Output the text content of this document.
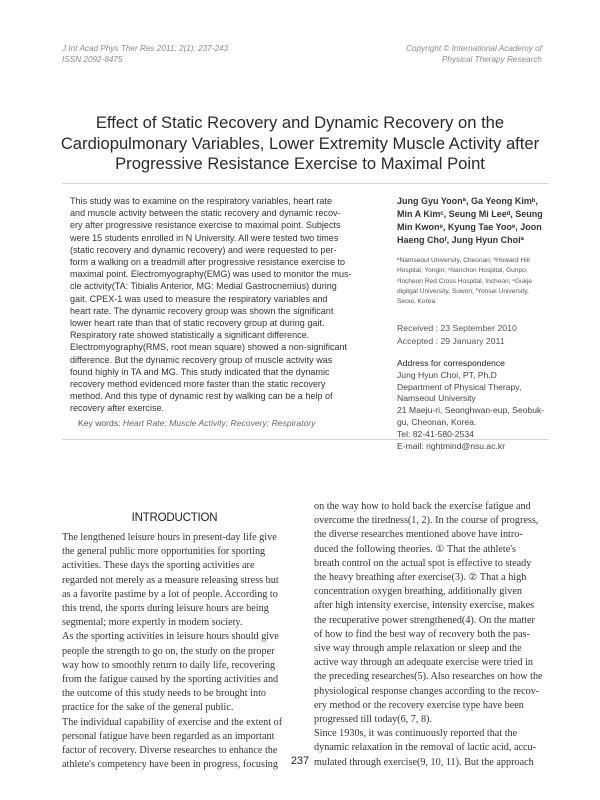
J Int Acad Phys Ther Res 2011; 2(1): 237-243
ISSN 2092-8475
Copyright © International Academy of
Physical Therapy Research
Effect of Static Recovery and Dynamic Recovery on the
Cardiopulmonary Variables, Lower Extremity Muscle Activity after
Progressive Resistance Exercise to Maximal Point
This study was to examine on the respiratory variables, heart rate
and muscle activity between the static recovery and dynamic recov-
ery after progressive resistance exercise to maximal point. Subjects
were 15 students enrolled in N University. All were tested two times
(static recovery and dynamic recovery) and were requested to per-
form a walking on a treadmill after progressive resistance exercise to
maximal point. Electromyography(EMG) was used to monitor the mus-
cle activity(TA: Tibialis Anterior, MG: Medial Gastrocnemius) during
gait. CPEX-1 was used to measure the respiratory variables and
heart rate. The dynamic recovery group was shown the significant
lower heart rate than that of static recovery group at during gait.
Respiratory rate showed statistically a significant difference.
Electromyography(RMS, root mean square) showed a non-significant
difference. But the dynamic recovery group of muscle activity was
found highly in TA and MG. This study indicated that the dynamic
recovery method evidenced more faster than the static recovery
method. And this type of dynamic rest by walking can be a help of
recovery after exercise.
Jung Gyu Yoonª, Ga Yeong Kimᵇ,
Min A Kimᶜ, Seung Mi Leeᵈ, Seung
Min Kwonᵉ, Kyung Tae Yooᵉ, Joon
Haeng Choᶠ, Jung Hyun Choiª
ªNamseoul University, Cheonan; ᵇHoward Hill
Hospital, Yongin; ᶜNanchon Hospital, Gunpo;
ᵈIncheon Red Cross Hospital, Incheon; ᵉGukje
digitgal University, Suwon; ᶠYonsei University,
Seoul, Korea
Received : 23 September 2010
Accepted : 29 January 2011
Address for correspondence
Jung Hyun Choi, PT, Ph.D
Department of Physical Therapy,
Namseoul University
21 Maeju-ri, Seonghwan-eup, Seobuk-
gu, Cheonan, Korea.
Tel: 82-41-580-2534
E-mail: rightmind@nsu.ac.kr
Key words: Heart Rate; Muscle Activity; Recovery; Respiratory
INTRODUCTION
The lengthened leisure hours in present-day life give
the general public more opportunities for sporting
activities. These days the sporting activities are
regarded not merely as a measure releasing stress but
as a favorite pastime by a lot of people. According to
this trend, the sports during leisure hours are being
segmental; more expertly in modem society.
As the sporting activities in leisure hours should give
people the strength to go on, the study on the proper
way how to smoothly return to daily life, recovering
from the fatigue caused by the sporting activities and
the outcome of this study needs to be brought into
practice for the sake of the general public.
The individual capability of exercise and the extent of
personal fatigue have been regarded as an important
factor of recovery. Diverse researches to enhance the
athlete's competency have been in progress, focusing
on the way how to hold back the exercise fatigue and
overcome the tiredness(1, 2). In the course of progress,
the diverse researches mentioned above have intro-
duced the following theories. ① That the athlete's
breath control on the actual spot is effective to steady
the heavy breathing after exercise(3). ② That a high
concentration oxygen breathing, additionally given
after high intensity exercise, intensity exercise, makes
the recuperative power strengthened(4). On the matter
of how to find the best way of recovery both the pas-
sive way through ample relaxation or sleep and the
active way through an adequate exercise were tried in
the preceding researches(5). Also researches on how the
physiological response changes according to the recov-
ery method or the recovery exercise type have been
progressed till today(6, 7, 8).
Since 1930s, it was continuously reported that the
dynamic relaxation in the removal of lactic acid, accu-
mulated through exercise(9, 10, 11). But the approach
237
